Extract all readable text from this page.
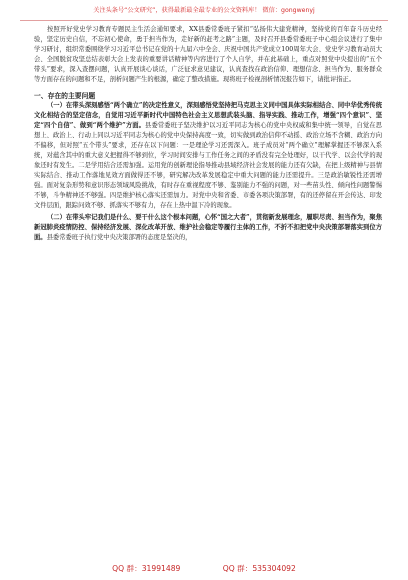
关注头条号“公文研究”，获得最新最全最专业的公文资料库！ 微信：gongwenyj

按照开好党史学习教育专题民主生活会通知要求，XX县委常委班子紧扣“弘扬伟大建党精神，坚持党的百年奋斗历史经验，坚定历史自信，不忘初心使命，勇于担当作为，走好新的赶考之路”主题，及时召开县委常委班子中心组会议进行了集中学习研讨，组织常委围绕学习习近平总书记在党的十九届六中全会、庆祝中国共产党成立100周年大会、党史学习教育动员大会、全国脱贫攻坚总结表彰大会上发表的重要讲话精神等内容进行了个人自学，并在此基础上，重点对照党中央提出的“五个带头”要求，深入查摆问题，认真开展谈心谈话，广泛征求意见建议，认真查找在政治信仰、理想信念、担当作为、服务群众等方面存在的问题和不足，剖析问题产生的根源，确定了整改措施。现将班子检视剖析情况报告如下，请批评指正。

一、存在的主要问题

（一）在带头深刻感悟“两个确立”的决定性意义，深刻感悟党坚持把马克思主义同中国具体实际相结合、同中华优秀传统文化相结合的坚定信念，自觉用习近平新时代中国特色社会主义思想武装头脑、指导实践、推动工作，增强“四个意识”、坚定“四个自信”、做到“两个维护”方面。县委常委班子坚决维护以习近平同志为核心的党中央权威和集中统一领导，自觉在思想上、政治上、行动上同以习近平同志为核心的党中央保持高度一致，切实做到政治信仰不动摇、政治立场不含糊、政治方向不偏移，但对照“五个带头”要求，还存在以下问题：一是理论学习还需深入。班子成员对“两个确立”理解掌握还不够深入系统，对蕴含其中的重大意义把握得不够到位，学习时间安排与工作任务之间的矛盾没有完全处理好，以干代学、以会代学的现象还时有发生。二是学用结合还需加强。运用党的创新理论指导推动县域经济社会发展的能力还有欠缺，在把上级精神与县情实际结合、推动工作落地见效方面做得还不够，研究解决改革发展稳定中重大问题的能力还需提升。三是政治敏锐性还需增强。面对复杂形势和意识形态领域风险挑战，有时存在重视程度不够、鉴别能力不强的问题，对一些苗头性、倾向性问题警惕不够，斗争精神还不够强。四是维护核心落实还需加力。对党中央和省委、市委各项决策部署，有的还停留在开会传达、印发文件层面，跟踪问效不够、抓落实不够有力，存在上热中温下冷的现象。

（二）在带头牢记我们是什么、要干什么这个根本问题，心怀“国之大者”，贯彻新发展理念，履职尽责、担当作为，聚焦新冠肺炎疫情防控、保持经济发展、深化改革开放、维护社会稳定等履行主体的工作，不折不扣把党中央决策部署落实到位方面。县委常委班子执行党中央决策部署的态度是坚决的，

QQ 群：31991489	QQ 群：535304092
